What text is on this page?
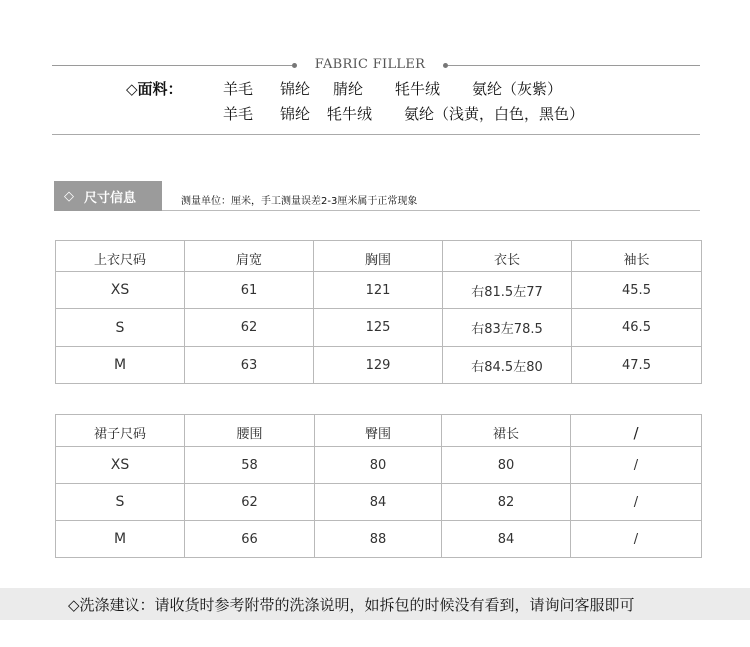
FABRIC FILLER
◇面料：	羊毛 锦纶 腈纶 牦牛绒 氨纶（灰紫）
羊毛 锦纶 牦牛绒 氨纶（浅黄，白色，黑色）
◇ 尺寸信息	测量单位：厘米，手工测量误差2-3厘米属于正常现象
上衣尺码	肩宽	胸围	衣长	袖长
XS	61	121	右81.5左77	45.5
S	62	125	右83左78.5	46.5
M	63	129	右84.5左80	47.5
裙子尺码	腰围	臀围	裙长	/
XS	58	80	80	/
S	62	84	82	/
M	66	88	84	/
◇洗涤建议：请收货时参考附带的洗涤说明，如拆包的时候没有看到，请询问客服即可
